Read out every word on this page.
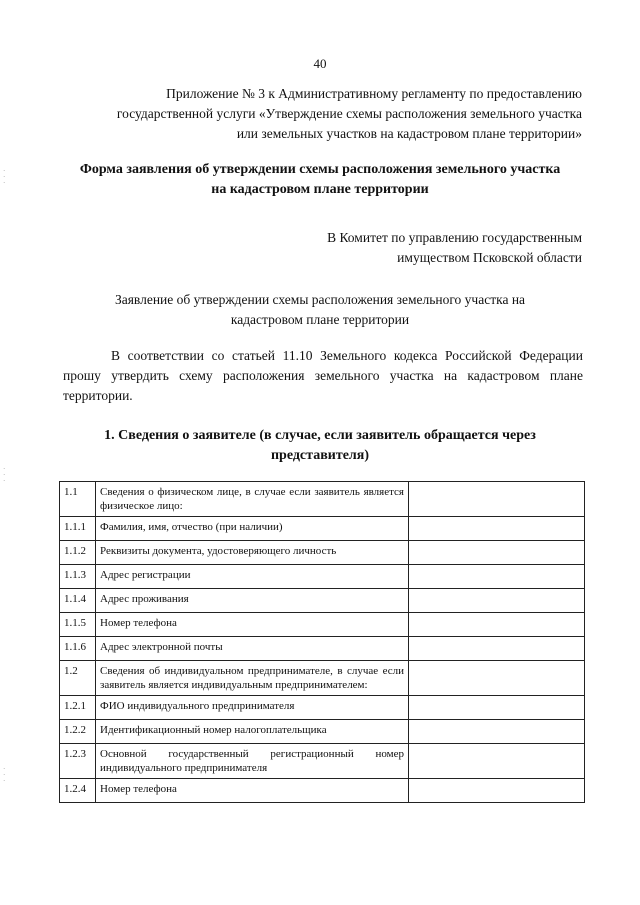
40
Приложение № 3 к Административному регламенту по предоставлению
государственной услуги «Утверждение схемы расположения земельного участка
или земельных участков на кадастровом плане территории»
Форма заявления об утверждении схемы расположения земельного участка
на кадастровом плане территории
В Комитет по управлению государственным
имуществом Псковской области
Заявление об утверждении схемы расположения земельного участка на
кадастровом плане территории
В соответствии со статьей 11.10 Земельного кодекса Российской Федерации прошу утвердить схему расположения земельного участка на кадастровом плане территории.
1. Сведения о заявителе (в случае, если заявитель обращается через
представителя)
1.1	Сведения о физическом лице, в случае если заявитель является физическое лицо:	
1.1.1	Фамилия, имя, отчество (при наличии)	
1.1.2	Реквизиты документа, удостоверяющего личность	
1.1.3	Адрес регистрации	
1.1.4	Адрес проживания	
1.1.5	Номер телефона	
1.1.6	Адрес электронной почты	
1.2	Сведения об индивидуальном предпринимателе, в случае если заявитель является индивидуальным предпринимателем:	
1.2.1	ФИО индивидуального предпринимателя	
1.2.2	Идентификационный номер налогоплательщика	
1.2.3	Основной государственный регистрационный номер индивидуального предпринимателя	
1.2.4	Номер телефона	
·
·
·
·
·
·
·
·
·
